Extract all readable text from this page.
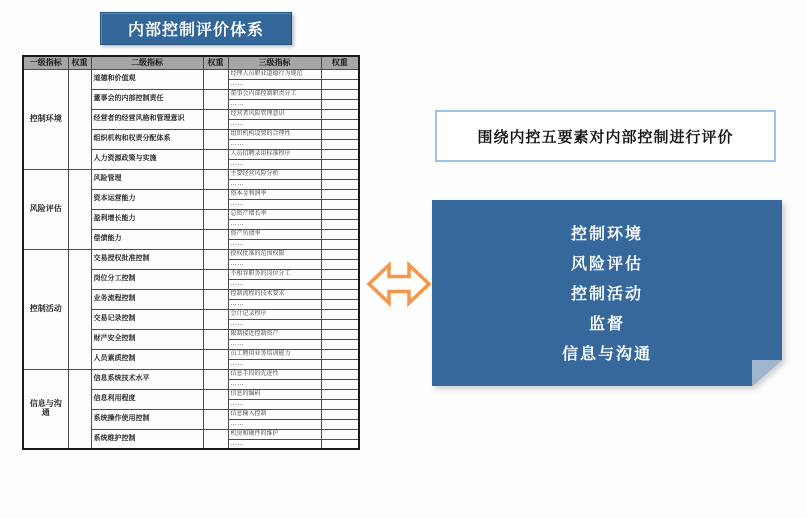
内部控制评价体系
一级指标	权重	二级指标	权重	三级指标	权重
控制环境		道德和价值观		经理人员职业道德行为规范	
				……	
		董事会的内部控制责任		董事会内部控制职责分工	
				……	
		经营者的经营风格和管理意识		经营者风险管理意识	
				……	
		组织机构和权责分配体系		组织机构设置的合理性	
				……	
		人力资源政策与实施		人员招聘录用标准程序	
				……	
风险评估		风险管理		主要经营风险分析	
				……	
		资本运营能力		资本金利润率	
				……	
		盈利增长能力		总资产增长率	
				……	
		偿债能力		资产负债率	
				……	
控制活动		交易授权批准控制		授权批准的范围权限	
				……	
		岗位分工控制		不相容职务的岗位分工	
				……	
		业务流程控制		控制流程的技术要求	
				……	
		交易记录控制		会计记录程序	
				……	
		财产安全控制		限制接近控制资产	
				……	
		人员素质控制		员工聘用业务培训能力	
				……	
信息与沟通		信息系统技术水平		信息手段的先进性	
				……	
		信息利用程度		信息的编码	
				……	
		系统操作使用控制		信息输入控制	
				……	
		系统维护控制		机房和硬件的维护	
				……	
围绕内控五要素对内部控制进行评价
控制环境
风险评估
控制活动
监督
信息与沟通
